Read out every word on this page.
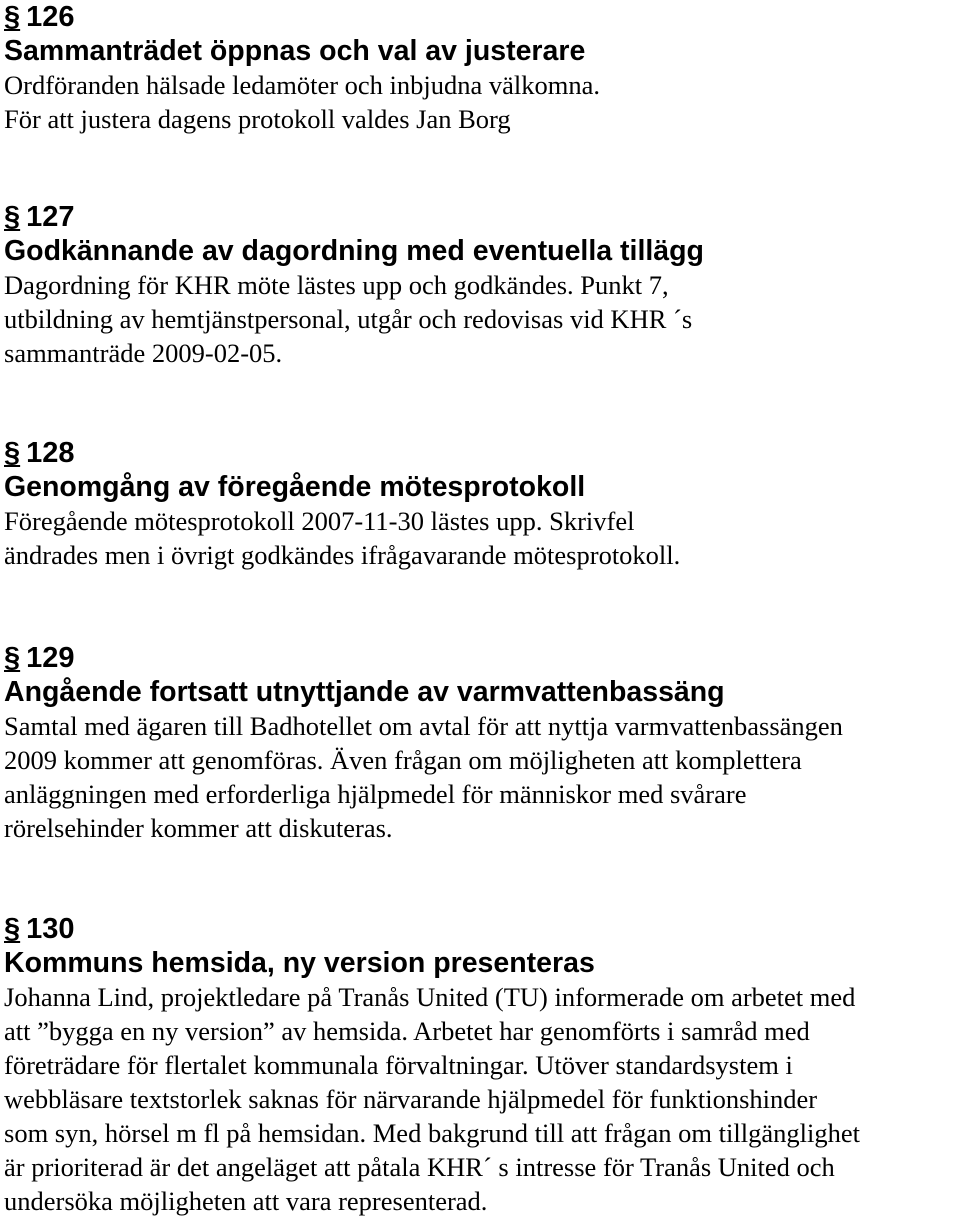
§ 126
Sammanträdet öppnas och val av justerare
Ordföranden hälsade ledamöter och inbjudna välkomna.
För att justera dagens protokoll valdes Jan Borg
§ 127
Godkännande av dagordning med eventuella tillägg
Dagordning för KHR möte lästes upp och godkändes. Punkt 7,
utbildning av hemtjänstpersonal, utgår och redovisas vid KHR ´s
sammanträde 2009-02-05.
§ 128
Genomgång av föregående mötesprotokoll
Föregående mötesprotokoll 2007-11-30 lästes upp. Skrivfel
ändrades men i övrigt godkändes ifrågavarande mötesprotokoll.
§ 129
Angående fortsatt utnyttjande av varmvattenbassäng
Samtal med ägaren till Badhotellet om avtal för att nyttja varmvattenbassängen
2009 kommer att genomföras. Även frågan om möjligheten att komplettera
anläggningen med erforderliga hjälpmedel för människor med svårare
rörelsehinder kommer att diskuteras.
§ 130
Kommuns hemsida, ny version presenteras
Johanna Lind, projektledare på Tranås United (TU) informerade om arbetet med
att ”bygga en ny version” av hemsida. Arbetet har genomförts i samråd med
företrädare för flertalet kommunala förvaltningar. Utöver standardsystem i
webbläsare textstorlek saknas för närvarande hjälpmedel för funktionshinder
som syn, hörsel m fl på hemsidan. Med bakgrund till att frågan om tillgänglighet
är prioriterad är det angeläget att påtala KHR´ s intresse för Tranås United och
undersöka möjligheten att vara representerad.
